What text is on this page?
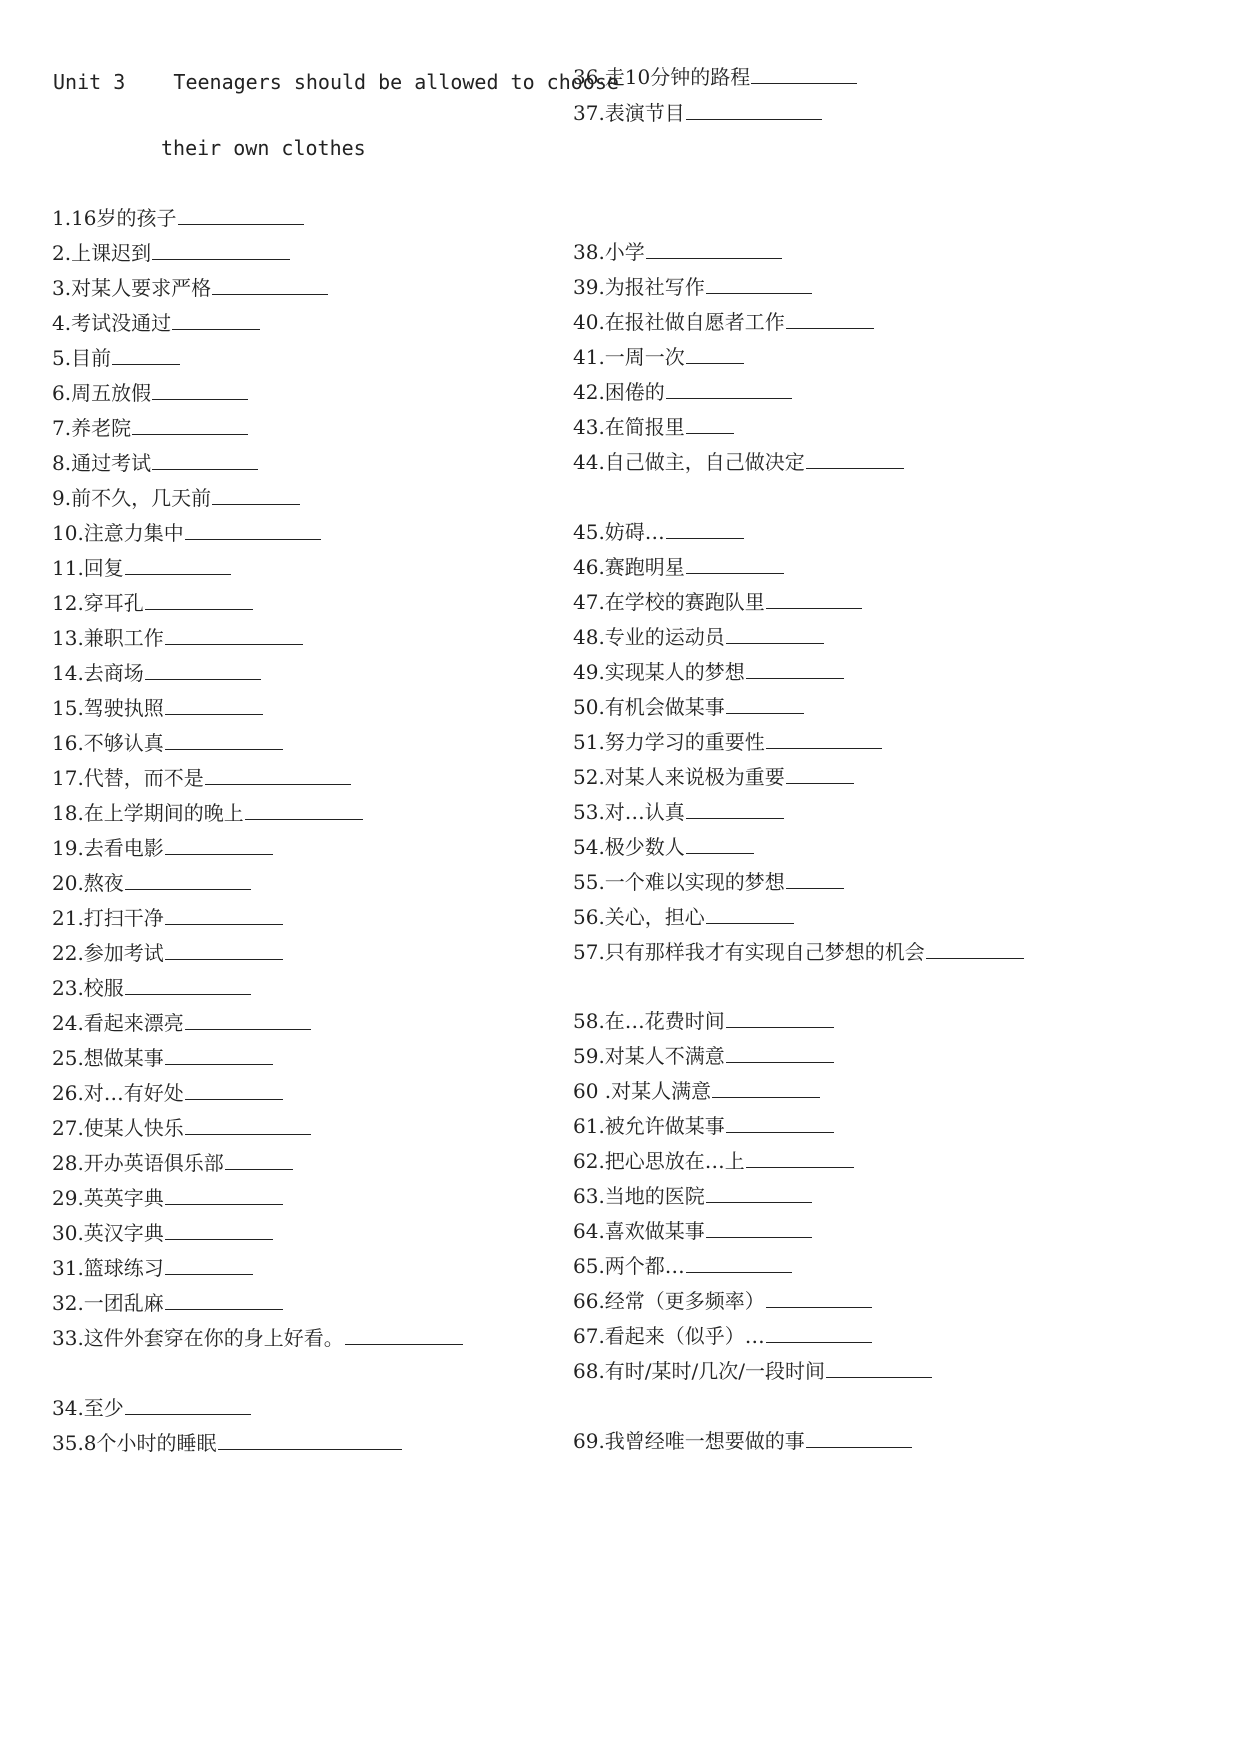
Unit 3    Teenagers should be allowed to choose
their own clothes
1.16岁的孩子
2.上课迟到
3.对某人要求严格
4.考试没通过
5.目前
6.周五放假
7.养老院
8.通过考试
9.前不久，几天前
10.注意力集中
11.回复
12.穿耳孔
13.兼职工作
14.去商场
15.驾驶执照
16.不够认真
17.代替，而不是
18.在上学期间的晚上
19.去看电影
20.熬夜
21.打扫干净
22.参加考试
23.校服
24.看起来漂亮
25.想做某事
26.对…有好处
27.使某人快乐
28.开办英语俱乐部
29.英英字典
30.英汉字典
31.篮球练习
32.一团乱麻
33.这件外套穿在你的身上好看。
34.至少
35.8个小时的睡眠
36.走10分钟的路程
37.表演节目
38.小学
39.为报社写作
40.在报社做自愿者工作
41.一周一次
42.困倦的
43.在简报里
44.自己做主，自己做决定
45.妨碍…
46.赛跑明星
47.在学校的赛跑队里
48.专业的运动员
49.实现某人的梦想
50.有机会做某事
51.努力学习的重要性
52.对某人来说极为重要
53.对…认真
54.极少数人
55.一个难以实现的梦想
56.关心，担心
57.只有那样我才有实现自己梦想的机会
58.在…花费时间
59.对某人不满意
60 .对某人满意
61.被允许做某事
62.把心思放在…上
63.当地的医院
64.喜欢做某事
65.两个都…
66.经常（更多频率）
67.看起来（似乎）…
68.有时/某时/几次/一段时间
69.我曾经唯一想要做的事
